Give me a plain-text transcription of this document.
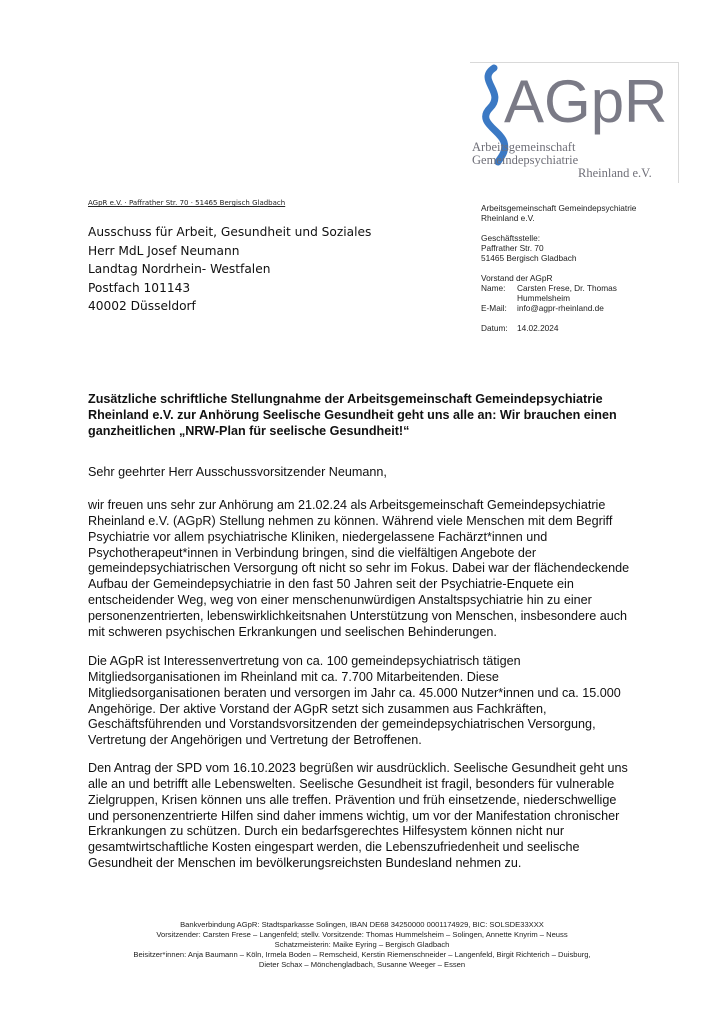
AGpR
Arbeitsgemeinschaft
Gemeindepsychiatrie
Rheinland e.V.
AGpR e.V. · Paffrather Str. 70 · 51465 Bergisch Gladbach
Ausschuss für Arbeit, Gesundheit und Soziales
Herr MdL Josef Neumann
Landtag Nordrhein- Westfalen
Postfach 101143
40002 Düsseldorf
Arbeitsgemeinschaft Gemeindepsychiatrie
Rheinland e.V.
Geschäftsstelle:
Paffrather Str. 70
51465 Bergisch Gladbach
Vorstand der AGpR
Name: Carsten Frese, Dr. Thomas
Hummelsheim
E-Mail: info@agpr-rheinland.de
Datum: 14.02.2024
Zusätzliche schriftliche Stellungnahme der Arbeitsgemeinschaft Gemeindepsychiatrie
Rheinland e.V. zur Anhörung Seelische Gesundheit geht uns alle an: Wir brauchen einen
ganzheitlichen „NRW-Plan für seelische Gesundheit!“
Sehr geehrter Herr Ausschussvorsitzender Neumann,
wir freuen uns sehr zur Anhörung am 21.02.24 als Arbeitsgemeinschaft Gemeindepsychiatrie
Rheinland e.V. (AGpR) Stellung nehmen zu können. Während viele Menschen mit dem Begriff
Psychiatrie vor allem psychiatrische Kliniken, niedergelassene Fachärzt*innen und
Psychotherapeut*innen in Verbindung bringen, sind die vielfältigen Angebote der
gemeindepsychiatrischen Versorgung oft nicht so sehr im Fokus. Dabei war der flächendeckende
Aufbau der Gemeindepsychiatrie in den fast 50 Jahren seit der Psychiatrie-Enquete ein
entscheidender Weg, weg von einer menschenunwürdigen Anstaltspsychiatrie hin zu einer
personenzentrierten, lebenswirklichkeitsnahen Unterstützung von Menschen, insbesondere auch
mit schweren psychischen Erkrankungen und seelischen Behinderungen.
Die AGpR ist Interessenvertretung von ca. 100 gemeindepsychiatrisch tätigen
Mitgliedsorganisationen im Rheinland mit ca. 7.700 Mitarbeitenden. Diese
Mitgliedsorganisationen beraten und versorgen im Jahr ca. 45.000 Nutzer*innen und ca. 15.000
Angehörige. Der aktive Vorstand der AGpR setzt sich zusammen aus Fachkräften,
Geschäftsführenden und Vorstandsvorsitzenden der gemeindepsychiatrischen Versorgung,
Vertretung der Angehörigen und Vertretung der Betroffenen.
Den Antrag der SPD vom 16.10.2023 begrüßen wir ausdrücklich. Seelische Gesundheit geht uns
alle an und betrifft alle Lebenswelten. Seelische Gesundheit ist fragil, besonders für vulnerable
Zielgruppen, Krisen können uns alle treffen. Prävention und früh einsetzende, niederschwellige
und personenzentrierte Hilfen sind daher immens wichtig, um vor der Manifestation chronischer
Erkrankungen zu schützen. Durch ein bedarfsgerechtes Hilfesystem können nicht nur
gesamtwirtschaftliche Kosten eingespart werden, die Lebenszufriedenheit und seelische
Gesundheit der Menschen im bevölkerungsreichsten Bundesland nehmen zu.
Bankverbindung AGpR: Stadtsparkasse Solingen, IBAN DE68 34250000 0001174929, BIC: SOLSDE33XXX
Vorsitzender: Carsten Frese – Langenfeld; stellv. Vorsitzende: Thomas Hummelsheim – Solingen, Annette Knyrim – Neuss
Schatzmeisterin: Maike Eyring – Bergisch Gladbach
Beisitzer*innen: Anja Baumann – Köln, Irmela Boden – Remscheid, Kerstin Riemenschneider – Langenfeld, Birgit Richterich – Duisburg,
Dieter Schax – Mönchengladbach, Susanne Weeger – Essen
